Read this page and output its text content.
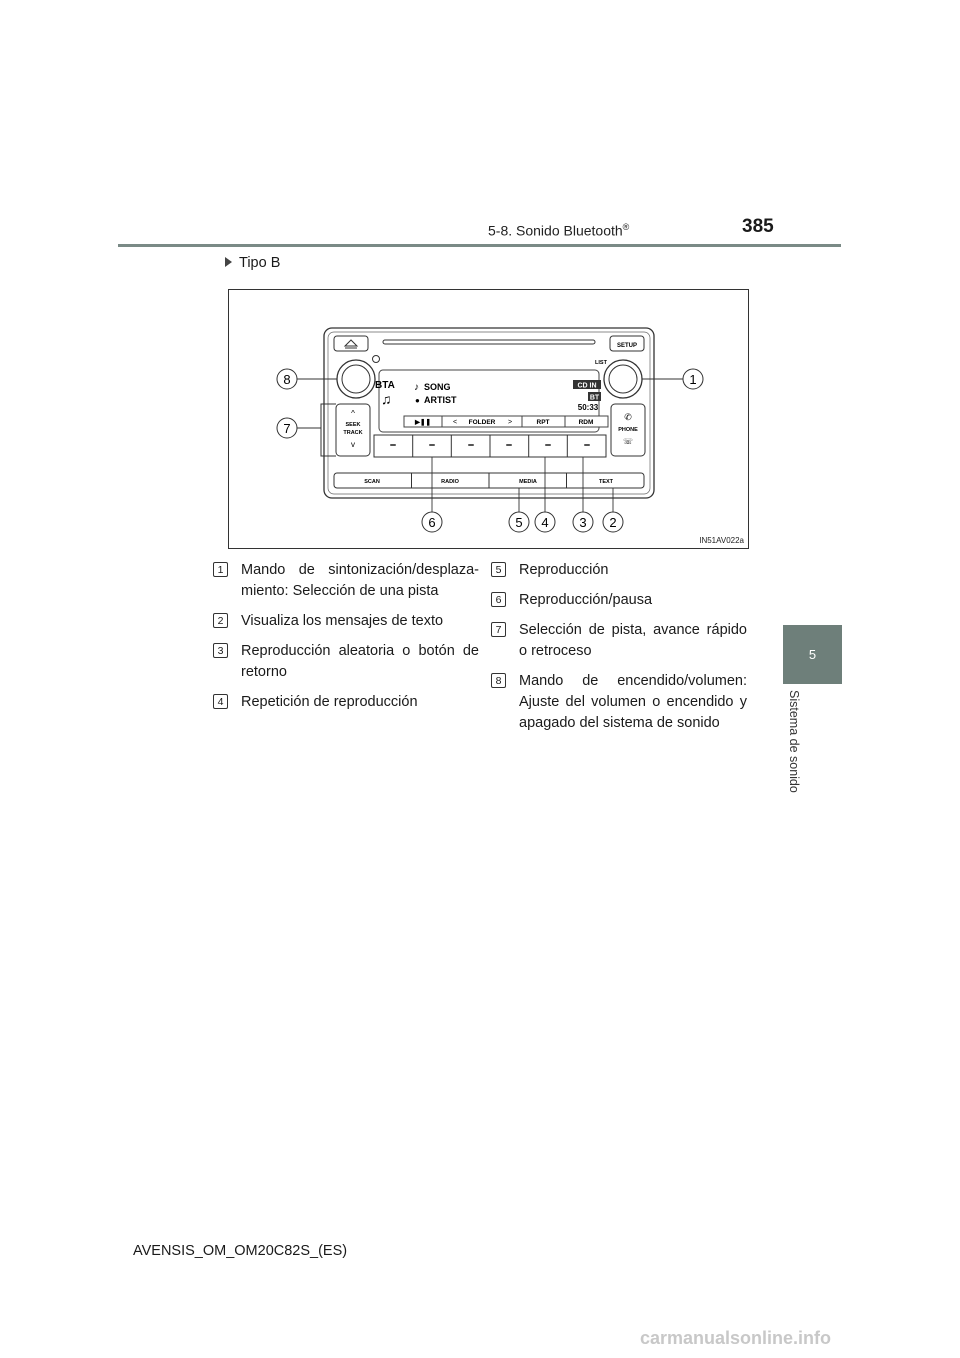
5-8. Sonido Bluetooth®	385
5
Sistema de sonido
Tipo B
SETUP
LIST
BTA
♫
♪ SONG
● ARTIST
CD IN
BT
50:33
▶❚❚	FOLDER
<	>	RPT	RDM
^
SEEK
TRACK
v
✆
PHONE
☏
SCAN	RADIO	MEDIA	TEXT
8
7
1
6	5 4 3 2
IN51AV022a
1	Mando de sintonización/desplaza-miento: Selección de una pista
2	Visualiza los mensajes de texto
3	Reproducción aleatoria o botón de retorno
4	Repetición de reproducción
5	Reproducción
6	Reproducción/pausa
7	Selección de pista, avance rápido o retroceso
8	Mando de encendido/volumen: Ajuste del volumen o encendido y apagado del sistema de sonido
AVENSIS_OM_OM20C82S_(ES)
carmanualsonline.info
